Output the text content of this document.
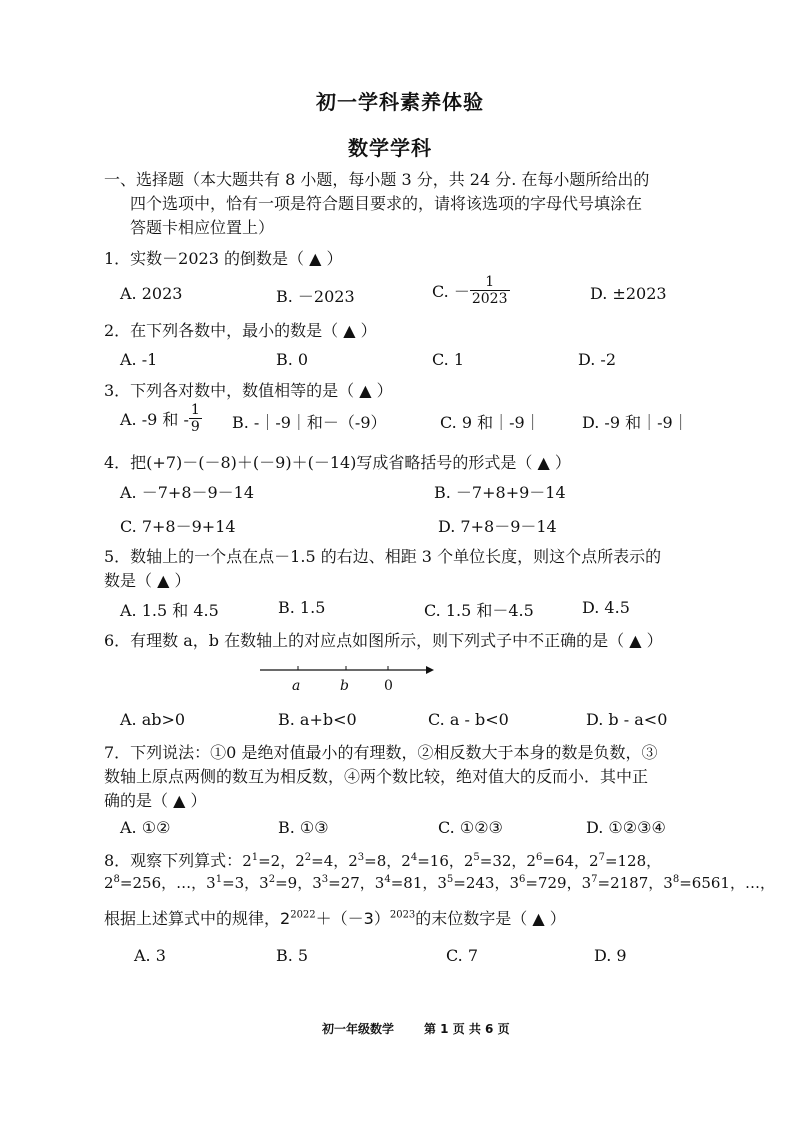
初一学科素养体验
数学学科
一、选择题（本大题共有 8 小题，每小题 3 分，共 24 分. 在每小题所给出的
四个选项中，恰有一项是符合题目要求的，请将该选项的字母代号填涂在
答题卡相应位置上）
1．实数－2023 的倒数是（ ▲ ）
A. 2023	B. －2023	C. － $\frac{1}{2023}$	D. ±2023
2．在下列各数中，最小的数是（ ▲ ）
A. -1	B. 0	C. 1	D. -2
3．下列各对数中，数值相等的是（ ▲ ）
A. -9 和 - $\frac{1}{9} B$. -｜-9｜和－（-9）	C. 9 和｜-9｜	D. -9 和｜-9｜
4．把(+7)－(－8)＋(－9)＋(－14)写成省略括号的形式是（ ▲ ）
A. －7+8－9－14	B. －7+8+9－14
C. 7+8－9+14	D. 7+8－9－14
5．数轴上的一个点在点－1.5 的右边、相距 3 个单位长度，则这个点所表示的
数是（ ▲ ）
A. 1.5 和 4.5	B. 1.5	C. 1.5 和－4.5	D. 4.5
6．有理数 a，b 在数轴上的对应点如图所示，则下列式子中不正确的是（ ▲ ）
a	b	0
A. ab>0	B. a+b<0	C. a - b<0	D. b - a<0
7．下列说法：①0 是绝对值最小的有理数，②相反数大于本身的数是负数，③
数轴上原点两侧的数互为相反数，④两个数比较，绝对值大的反而小．其中正
确的是（ ▲ ）
A. ①②	B. ①③	C. ①②③	D. ①②③④
8．观察下列算式：$2^1=2$，$2^2=4$，$2^3=8$，$2^4=16$，$2^5=32$，$2^6=64$，$2^7=128$，
$2^8=256$，…，$3^1=3$，$3^2=9$，$3^3=27$，$3^4=81$，$3^5=243$，$3^6=729$，$3^7=2187$，$3^8=6561$，…，
根据上述算式中的规律，$2^{2022}+(-3)^{2023}$的末位数字是（ ▲ ）
A. 3	B. 5	C. 7	D. 9
初一年级数学 第 1 页 共 6 页
